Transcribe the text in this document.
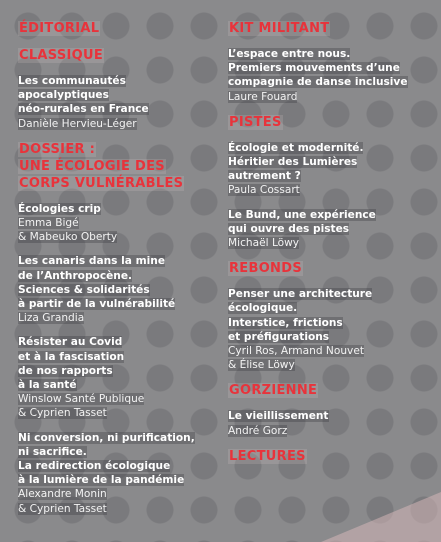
ÉDITORIAL
CLASSIQUE

Les communautés
apocalyptiques
néo-rurales en France

Danièle Hervieu-Léger

DOSSIER :
UNE ÉCOLOGIE DES
CORPS VULNÉRABLES

Écologies crip

Emma Bigé
& Mabeuko Oberty

Les canaris dans la mine
de l’Anthropocène.
Sciences & solidarités
à partir de la vulnérabilité

Liza Grandia

Résister au Covid
et à la fascisation
de nos rapports
à la santé

Winslow Santé Publique
& Cyprien Tasset

Ni conversion, ni purification,
ni sacrifice.
La redirection écologique
à la lumière de la pandémie

Alexandre Monin
& Cyprien Tasset

KIT MILITANT

L’espace entre nous.
Premiers mouvements d’une
compagnie de danse inclusive

Laure Fouard

PISTES

Écologie et modernité.
Héritier des Lumières
autrement ?

Paula Cossart

Le Bund, une expérience
qui ouvre des pistes

Michaël Löwy

REBONDS

Penser une architecture
écologique.
Interstice, frictions
et préfigurations

Cyril Ros, Armand Nouvet
& Élise Löwy

GORZIENNE

Le vieillissement

André Gorz

LECTURES
